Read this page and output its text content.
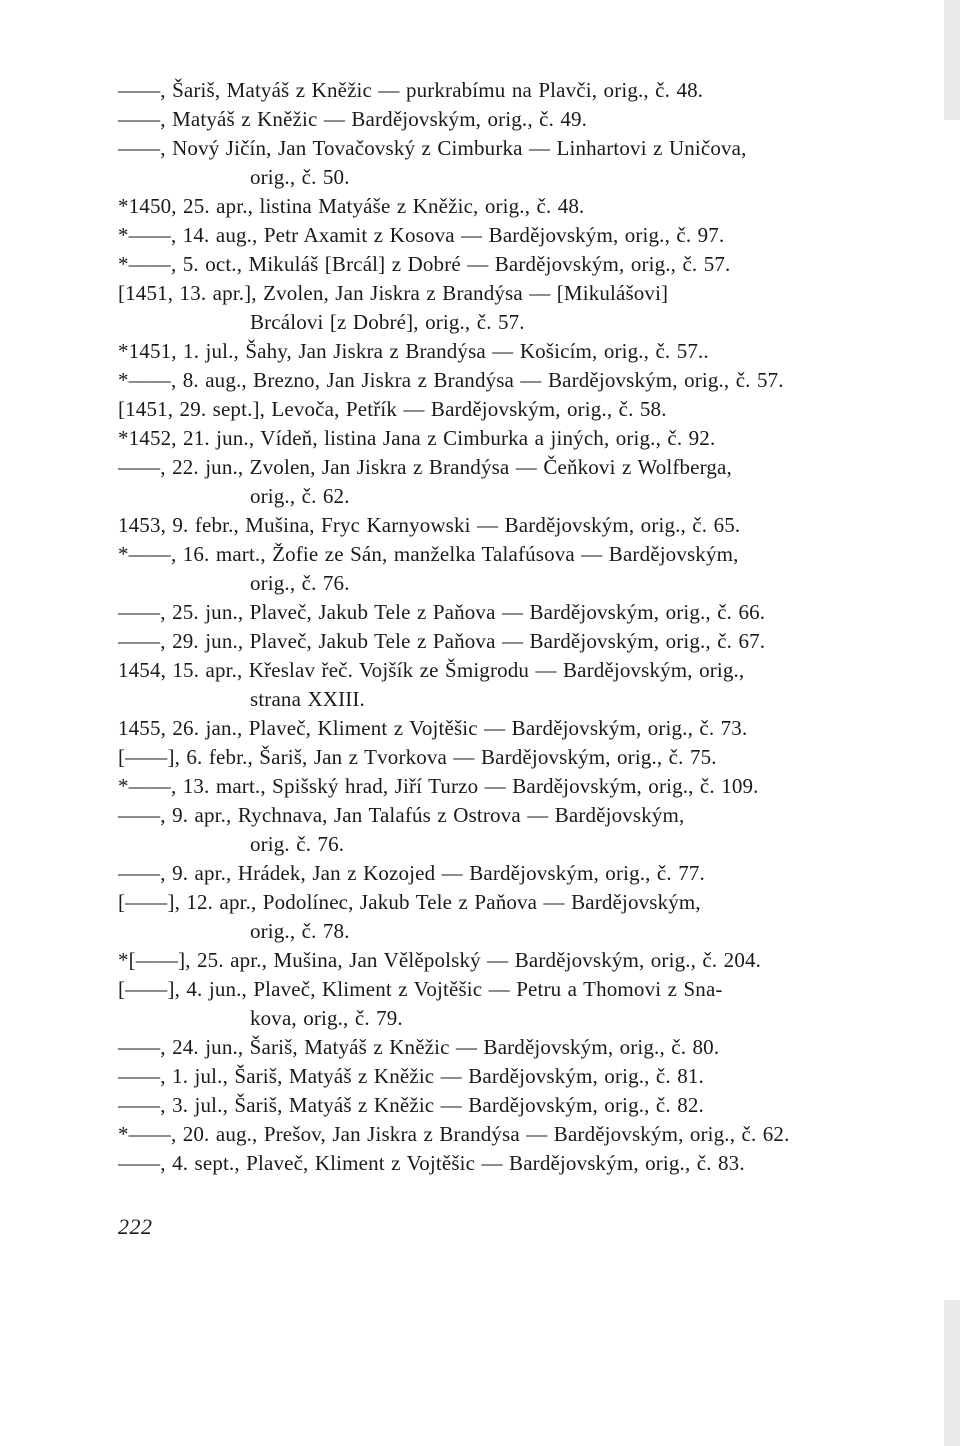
——, Šariš, Matyáš z Kněžic — purkrabímu na Plavči, orig., č. 48.
——, Matyáš z Kněžic — Bardějovským, orig., č. 49.
——, Nový Jičín, Jan Tovačovský z Cimburka — Linhartovi z Uničova,
orig., č. 50.
*1450, 25. apr., listina Matyáše z Kněžic, orig., č. 48.
*——, 14. aug., Petr Axamit z Kosova — Bardějovským, orig., č. 97.
*——, 5. oct., Mikuláš [Brcál] z Dobré — Bardějovským, orig., č. 57.
[1451, 13. apr.], Zvolen, Jan Jiskra z Brandýsa — [Mikulášovi]
Brcálovi [z Dobré], orig., č. 57.
*1451, 1. jul., Šahy, Jan Jiskra z Brandýsa — Košicím, orig., č. 57..
*——, 8. aug., Brezno, Jan Jiskra z Brandýsa — Bardějovským, orig., č. 57.
[1451, 29. sept.], Levoča, Petřík — Bardějovským, orig., č. 58.
*1452, 21. jun., Vídeň, listina Jana z Cimburka a jiných, orig., č. 92.
——, 22. jun., Zvolen, Jan Jiskra z Brandýsa — Čeňkovi z Wolfberga,
orig., č. 62.
1453, 9. febr., Mušina, Fryc Karnyowski — Bardějovským, orig., č. 65.
*——, 16. mart., Žofie ze Sán, manželka Talafúsova — Bardějovským,
orig., č. 76.
——, 25. jun., Plaveč, Jakub Tele z Paňova — Bardějovským, orig., č. 66.
——, 29. jun., Plaveč, Jakub Tele z Paňova — Bardějovským, orig., č. 67.
1454, 15. apr., Křeslav řeč. Vojšík ze Šmigrodu — Bardějovským, orig.,
strana XXIII.
1455, 26. jan., Plaveč, Kliment z Vojtěšic — Bardějovským, orig., č. 73.
[——], 6. febr., Šariš, Jan z Tvorkova — Bardějovským, orig., č. 75.
*——, 13. mart., Spišský hrad, Jiří Turzo — Bardějovským, orig., č. 109.
——, 9. apr., Rychnava, Jan Talafús z Ostrova — Bardějovským,
orig. č. 76.
——, 9. apr., Hrádek, Jan z Kozojed — Bardějovským, orig., č. 77.
[——], 12. apr., Podolínec, Jakub Tele z Paňova — Bardějovským,
orig., č. 78.
*[——], 25. apr., Mušina, Jan Vělěpolský — Bardějovským, orig., č. 204.
[——], 4. jun., Plaveč, Kliment z Vojtěšic — Petru a Thomovi z Sna-
kova, orig., č. 79.
——, 24. jun., Šariš, Matyáš z Kněžic — Bardějovským, orig., č. 80.
——, 1. jul., Šariš, Matyáš z Kněžic — Bardějovským, orig., č. 81.
——, 3. jul., Šariš, Matyáš z Kněžic — Bardějovským, orig., č. 82.
*——, 20. aug., Prešov, Jan Jiskra z Brandýsa — Bardějovským, orig., č. 62.
——, 4. sept., Plaveč, Kliment z Vojtěšic — Bardějovským, orig., č. 83.
222
